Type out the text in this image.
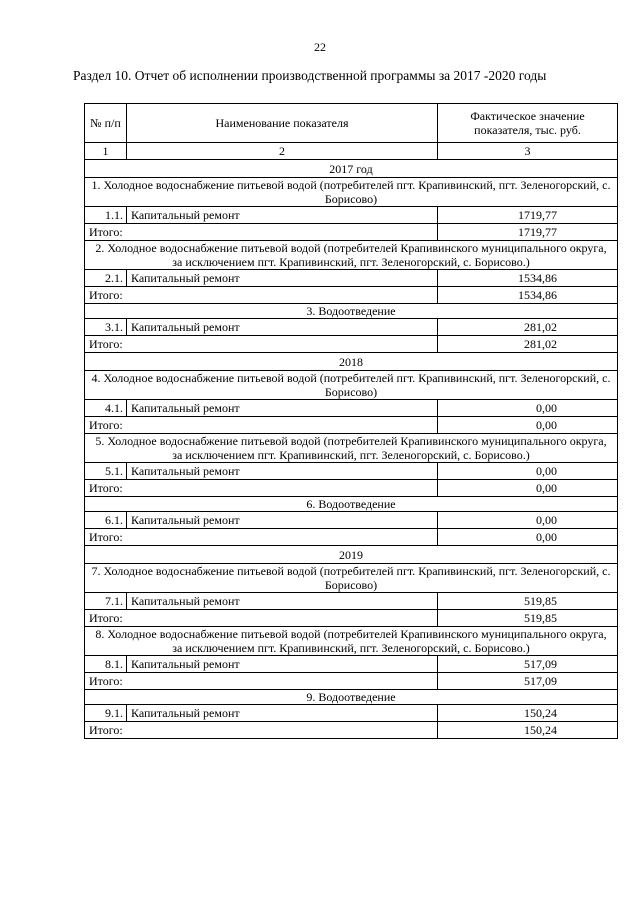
22
Раздел 10. Отчет об исполнении производственной программы за 2017 -2020 годы
№ п/п	Наименование показателя	Фактическое значение показателя, тыс. руб.
1	2	3
2017 год		
1. Холодное водоснабжение питьевой водой (потребителей пгт. Крапивинский, пгт. Зеленогорский, с. Борисово)		
1.1.	Капитальный ремонт	1719,77
Итого:		1719,77
2. Холодное водоснабжение питьевой водой (потребителей Крапивинского муниципального округа, за исключением пгт. Крапивинский, пгт. Зеленогорский, с. Борисово.)		
2.1.	Капитальный ремонт	1534,86
Итого:		1534,86
3. Водоотведение		
3.1.	Капитальный ремонт	281,02
Итого:		281,02
2018		
4. Холодное водоснабжение питьевой водой (потребителей пгт. Крапивинский, пгт. Зеленогорский, с. Борисово)		
4.1.	Капитальный ремонт	0,00
Итого:		0,00
5. Холодное водоснабжение питьевой водой (потребителей Крапивинского муниципального округа, за исключением пгт. Крапивинский, пгт. Зеленогорский, с. Борисово.)		
5.1.	Капитальный ремонт	0,00
Итого:		0,00
6. Водоотведение		
6.1.	Капитальный ремонт	0,00
Итого:		0,00
2019		
7. Холодное водоснабжение питьевой водой (потребителей пгт. Крапивинский, пгт. Зеленогорский, с. Борисово)		
7.1.	Капитальный ремонт	519,85
Итого:		519,85
8. Холодное водоснабжение питьевой водой (потребителей Крапивинского муниципального округа, за исключением пгт. Крапивинский, пгт. Зеленогорский, с. Борисово.)		
8.1.	Капитальный ремонт	517,09
Итого:		517,09
9. Водоотведение		
9.1.	Капитальный ремонт	150,24
Итого:		150,24
